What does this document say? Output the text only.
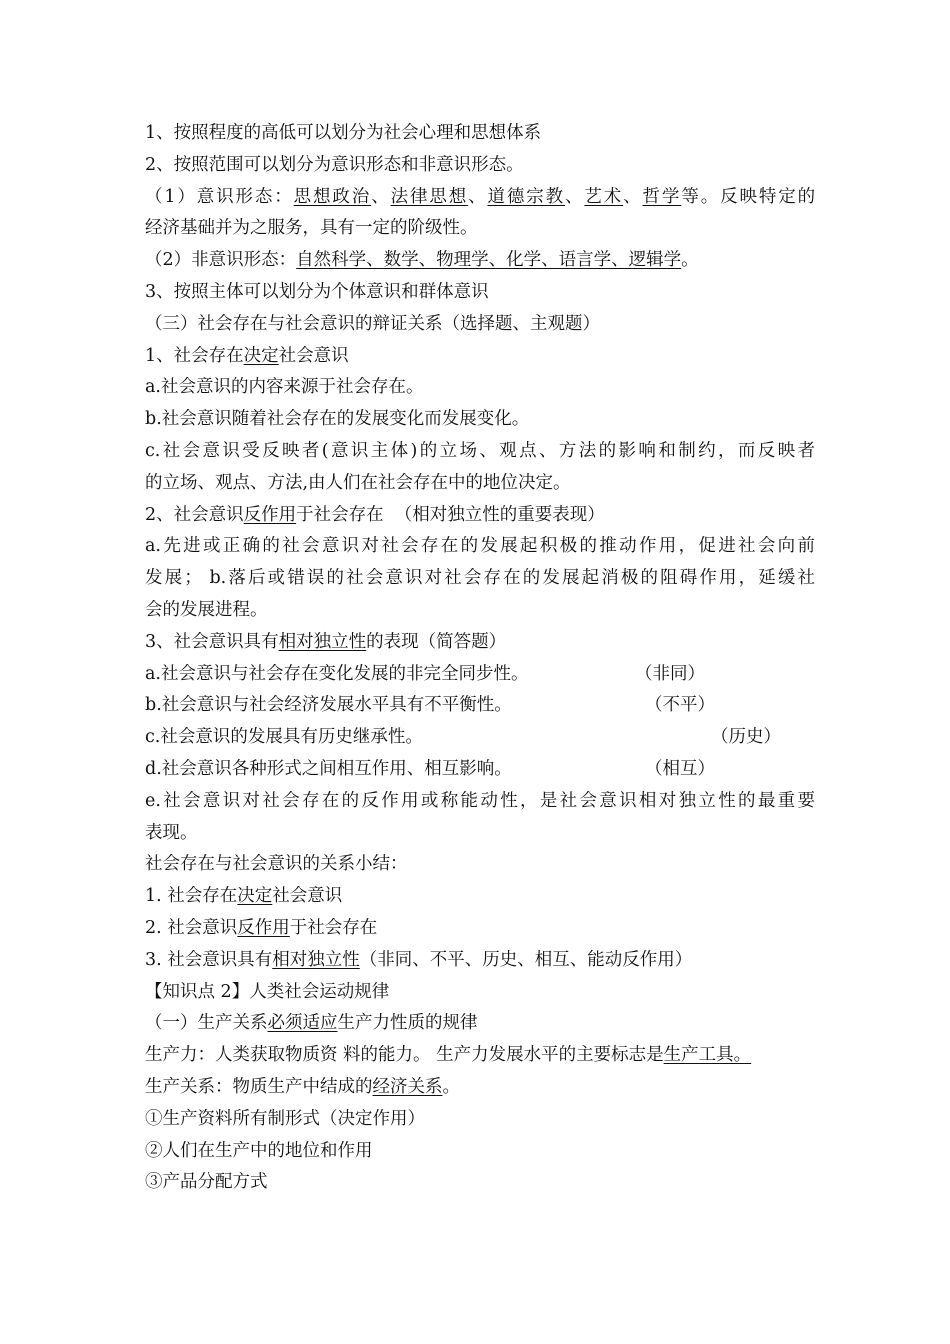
1、按照程度的高低可以划分为社会心理和思想体系
2、按照范围可以划分为意识形态和非意识形态。
（1）意识形态：思想政治、法律思想、道德宗教、艺术、哲学等。反映特定的
经济基础并为之服务，具有一定的阶级性。
（2）非意识形态：自然科学、数学、物理学、化学、语言学、逻辑学。
3、按照主体可以划分为个体意识和群体意识
（三）社会存在与社会意识的辩证关系（选择题、主观题）
1、社会存在决定社会意识
a.社会意识的内容来源于社会存在。
b.社会意识随着社会存在的发展变化而发展变化。
c.社会意识受反映者(意识主体)的立场、观点、方法的影响和制约，而反映者
的立场、观点、方法,由人们在社会存在中的地位决定。
2、社会意识反作用于社会存在  （相对独立性的重要表现）
a.先进或正确的社会意识对社会存在的发展起积极的推动作用，促进社会向前
发展； b.落后或错误的社会意识对社会存在的发展起消极的阻碍作用，延缓社
会的发展进程。
3、社会意识具有相对独立性的表现（简答题）
a.社会意识与社会存在变化发展的非完全同步性。	（非同）
b.社会意识与社会经济发展水平具有不平衡性。	（不平）
c.社会意识的发展具有历史继承性。	（历史）
d.社会意识各种形式之间相互作用、相互影响。	（相互）
e.社会意识对社会存在的反作用或称能动性，是社会意识相对独立性的最重要
表现。
社会存在与社会意识的关系小结：
1. 社会存在决定社会意识
2. 社会意识反作用于社会存在
3. 社会意识具有相对独立性（非同、不平、历史、相互、能动反作用）
【知识点 2】人类社会运动规律
（一）生产关系必须适应生产力性质的规律
生产力：人类获取物质资 料的能力。 生产力发展水平的主要标志是生产工具。
生产关系：物质生产中结成的经济关系。
①生产资料所有制形式（决定作用）
②人们在生产中的地位和作用
③产品分配方式
